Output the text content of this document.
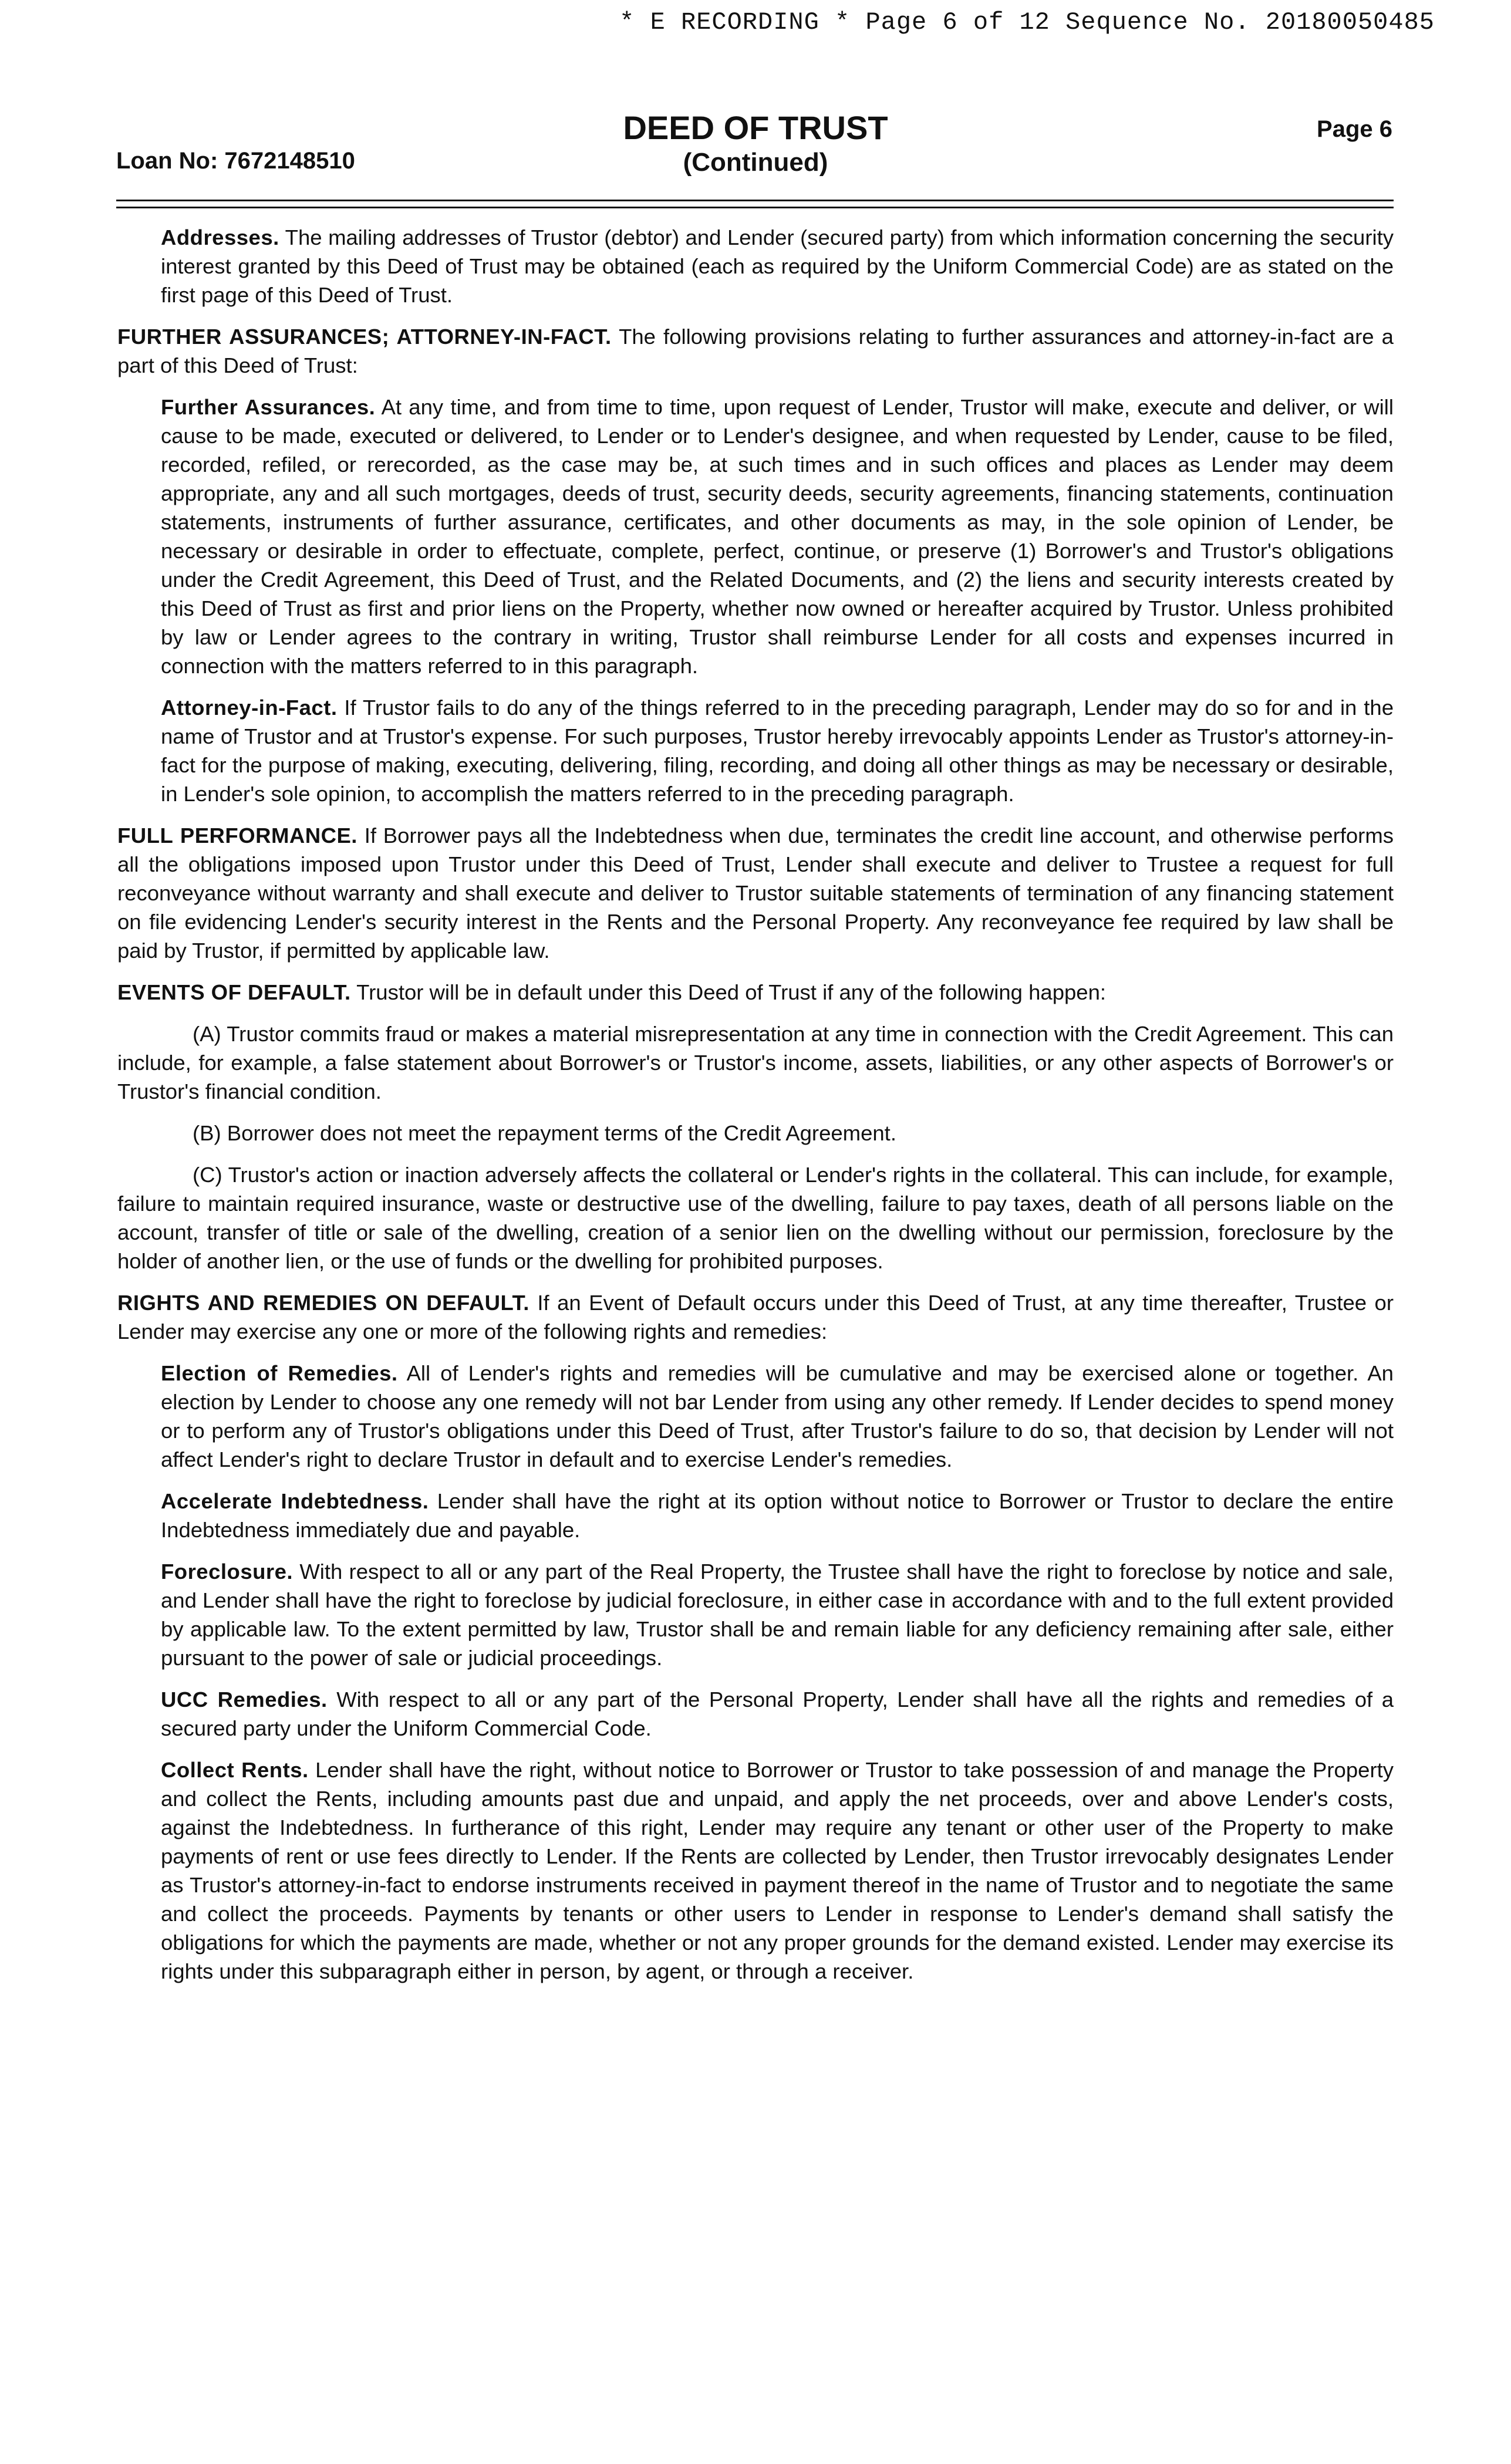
* E RECORDING * Page 6 of 12 Sequence No. 20180050485
DEED OF TRUST
(Continued)
Loan No: 7672148510
Page 6

Addresses. The mailing addresses of Trustor (debtor) and Lender (secured party) from which information concerning the security interest granted by this Deed of Trust may be obtained (each as required by the Uniform Commercial Code) are as stated on the first page of this Deed of Trust.

FURTHER ASSURANCES; ATTORNEY-IN-FACT. The following provisions relating to further assurances and attorney-in-fact are a part of this Deed of Trust:

Further Assurances. At any time, and from time to time, upon request of Lender, Trustor will make, execute and deliver, or will cause to be made, executed or delivered, to Lender or to Lender's designee, and when requested by Lender, cause to be filed, recorded, refiled, or rerecorded, as the case may be, at such times and in such offices and places as Lender may deem appropriate, any and all such mortgages, deeds of trust, security deeds, security agreements, financing statements, continuation statements, instruments of further assurance, certificates, and other documents as may, in the sole opinion of Lender, be necessary or desirable in order to effectuate, complete, perfect, continue, or preserve (1) Borrower's and Trustor's obligations under the Credit Agreement, this Deed of Trust, and the Related Documents, and (2) the liens and security interests created by this Deed of Trust as first and prior liens on the Property, whether now owned or hereafter acquired by Trustor. Unless prohibited by law or Lender agrees to the contrary in writing, Trustor shall reimburse Lender for all costs and expenses incurred in connection with the matters referred to in this paragraph.

Attorney-in-Fact. If Trustor fails to do any of the things referred to in the preceding paragraph, Lender may do so for and in the name of Trustor and at Trustor's expense. For such purposes, Trustor hereby irrevocably appoints Lender as Trustor's attorney-in-fact for the purpose of making, executing, delivering, filing, recording, and doing all other things as may be necessary or desirable, in Lender's sole opinion, to accomplish the matters referred to in the preceding paragraph.

FULL PERFORMANCE. If Borrower pays all the Indebtedness when due, terminates the credit line account, and otherwise performs all the obligations imposed upon Trustor under this Deed of Trust, Lender shall execute and deliver to Trustee a request for full reconveyance without warranty and shall execute and deliver to Trustor suitable statements of termination of any financing statement on file evidencing Lender's security interest in the Rents and the Personal Property. Any reconveyance fee required by law shall be paid by Trustor, if permitted by applicable law.

EVENTS OF DEFAULT. Trustor will be in default under this Deed of Trust if any of the following happen:

(A) Trustor commits fraud or makes a material misrepresentation at any time in connection with the Credit Agreement. This can include, for example, a false statement about Borrower's or Trustor's income, assets, liabilities, or any other aspects of Borrower's or Trustor's financial condition.

(B) Borrower does not meet the repayment terms of the Credit Agreement.

(C) Trustor's action or inaction adversely affects the collateral or Lender's rights in the collateral. This can include, for example, failure to maintain required insurance, waste or destructive use of the dwelling, failure to pay taxes, death of all persons liable on the account, transfer of title or sale of the dwelling, creation of a senior lien on the dwelling without our permission, foreclosure by the holder of another lien, or the use of funds or the dwelling for prohibited purposes.

RIGHTS AND REMEDIES ON DEFAULT. If an Event of Default occurs under this Deed of Trust, at any time thereafter, Trustee or Lender may exercise any one or more of the following rights and remedies:

Election of Remedies. All of Lender's rights and remedies will be cumulative and may be exercised alone or together. An election by Lender to choose any one remedy will not bar Lender from using any other remedy. If Lender decides to spend money or to perform any of Trustor's obligations under this Deed of Trust, after Trustor's failure to do so, that decision by Lender will not affect Lender's right to declare Trustor in default and to exercise Lender's remedies.

Accelerate Indebtedness. Lender shall have the right at its option without notice to Borrower or Trustor to declare the entire Indebtedness immediately due and payable.

Foreclosure. With respect to all or any part of the Real Property, the Trustee shall have the right to foreclose by notice and sale, and Lender shall have the right to foreclose by judicial foreclosure, in either case in accordance with and to the full extent provided by applicable law. To the extent permitted by law, Trustor shall be and remain liable for any deficiency remaining after sale, either pursuant to the power of sale or judicial proceedings.

UCC Remedies. With respect to all or any part of the Personal Property, Lender shall have all the rights and remedies of a secured party under the Uniform Commercial Code.

Collect Rents. Lender shall have the right, without notice to Borrower or Trustor to take possession of and manage the Property and collect the Rents, including amounts past due and unpaid, and apply the net proceeds, over and above Lender's costs, against the Indebtedness. In furtherance of this right, Lender may require any tenant or other user of the Property to make payments of rent or use fees directly to Lender. If the Rents are collected by Lender, then Trustor irrevocably designates Lender as Trustor's attorney-in-fact to endorse instruments received in payment thereof in the name of Trustor and to negotiate the same and collect the proceeds. Payments by tenants or other users to Lender in response to Lender's demand shall satisfy the obligations for which the payments are made, whether or not any proper grounds for the demand existed. Lender may exercise its rights under this subparagraph either in person, by agent, or through a receiver.
